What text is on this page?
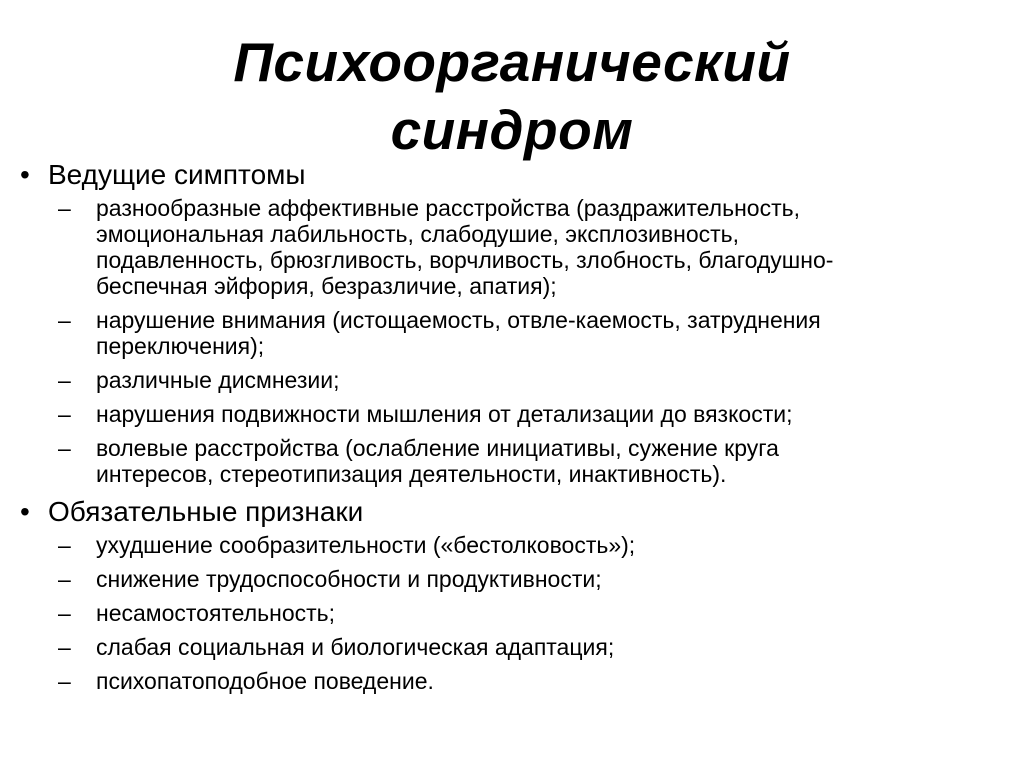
Психоорганический
синдром
• Ведущие симптомы
– разнообразные аффективные расстройства (раздражительность,
эмоциональная лабильность, слабодушие, эксплозивность,
подавленность, брюзгливость, ворчливость, злобность, благодушно-
беспечная эйфория, безразличие, апатия);
– нарушение внимания (истощаемость, отвле-каемость, затруднения
переключения);
– различные дисмнезии;
– нарушения подвижности мышления от детализации до вязкости;
– волевые расстройства (ослабление инициативы, сужение круга
интересов, стереотипизация деятельности, инактивность).
• Обязательные признаки
– ухудшение сообразительности («бестолковость»);
– снижение трудоспособности и продуктивности;
– несамостоятельность;
– слабая социальная и биологическая адаптация;
– психопатоподобное поведение.
